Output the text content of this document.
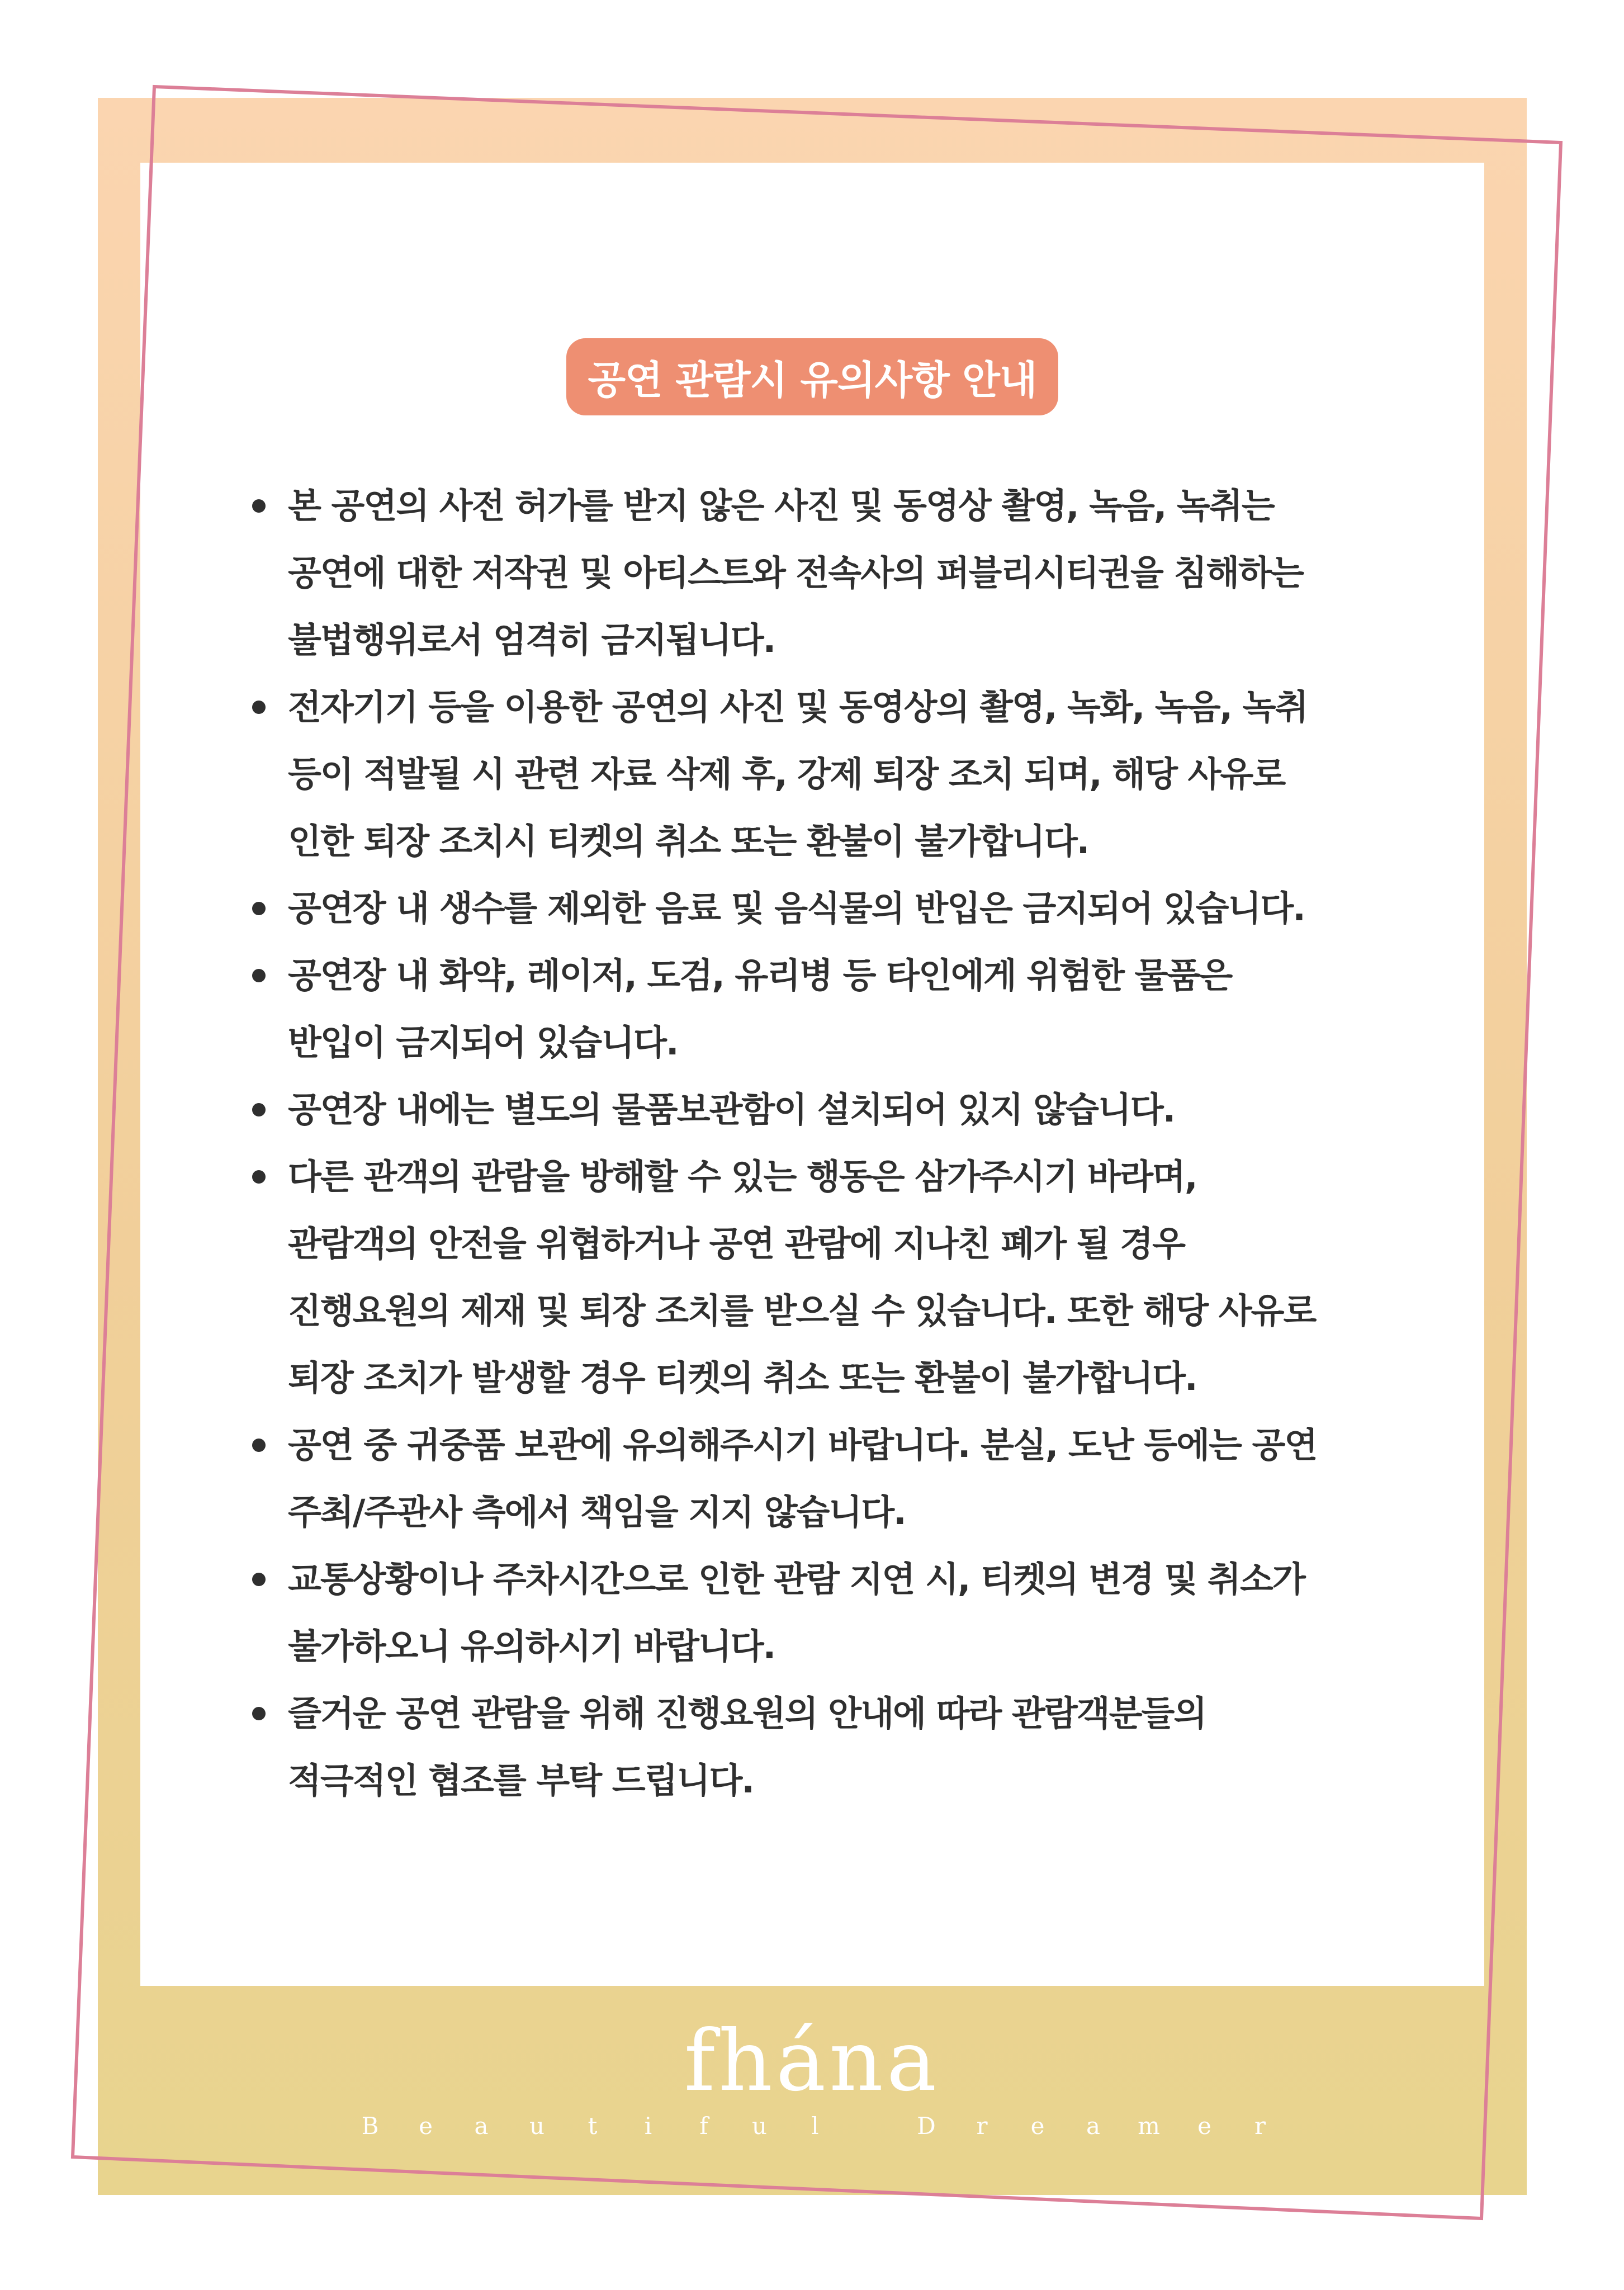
공연 관람시 유의사항 안내
본 공연의 사전 허가를 받지 않은 사진 및 동영상 촬영, 녹음, 녹취는
공연에 대한 저작권 및 아티스트와 전속사의 퍼블리시티권을 침해하는
불법행위로서 엄격히 금지됩니다.
전자기기 등을 이용한 공연의 사진 및 동영상의 촬영, 녹화, 녹음, 녹취
등이 적발될 시 관련 자료 삭제 후, 강제 퇴장 조치 되며, 해당 사유로
인한 퇴장 조치시 티켓의 취소 또는 환불이 불가합니다.
공연장 내 생수를 제외한 음료 및 음식물의 반입은 금지되어 있습니다.
공연장 내 화약, 레이저, 도검, 유리병 등 타인에게 위험한 물품은
반입이 금지되어 있습니다.
공연장 내에는 별도의 물품보관함이 설치되어 있지 않습니다.
다른 관객의 관람을 방해할 수 있는 행동은 삼가주시기 바라며,
관람객의 안전을 위협하거나 공연 관람에 지나친 폐가 될 경우
진행요원의 제재 및 퇴장 조치를 받으실 수 있습니다. 또한 해당 사유로
퇴장 조치가 발생할 경우 티켓의 취소 또는 환불이 불가합니다.
공연 중 귀중품 보관에 유의해주시기 바랍니다. 분실, 도난 등에는 공연
주최/주관사 측에서 책임을 지지 않습니다.
교통상황이나 주차시간으로 인한 관람 지연 시, 티켓의 변경 및 취소가
불가하오니 유의하시기 바랍니다.
즐거운 공연 관람을 위해 진행요원의 안내에 따라 관람객분들의
적극적인 협조를 부탁 드립니다.
fhána
B e a u	t	i	f	u	l
	D	r	e a m e	r
